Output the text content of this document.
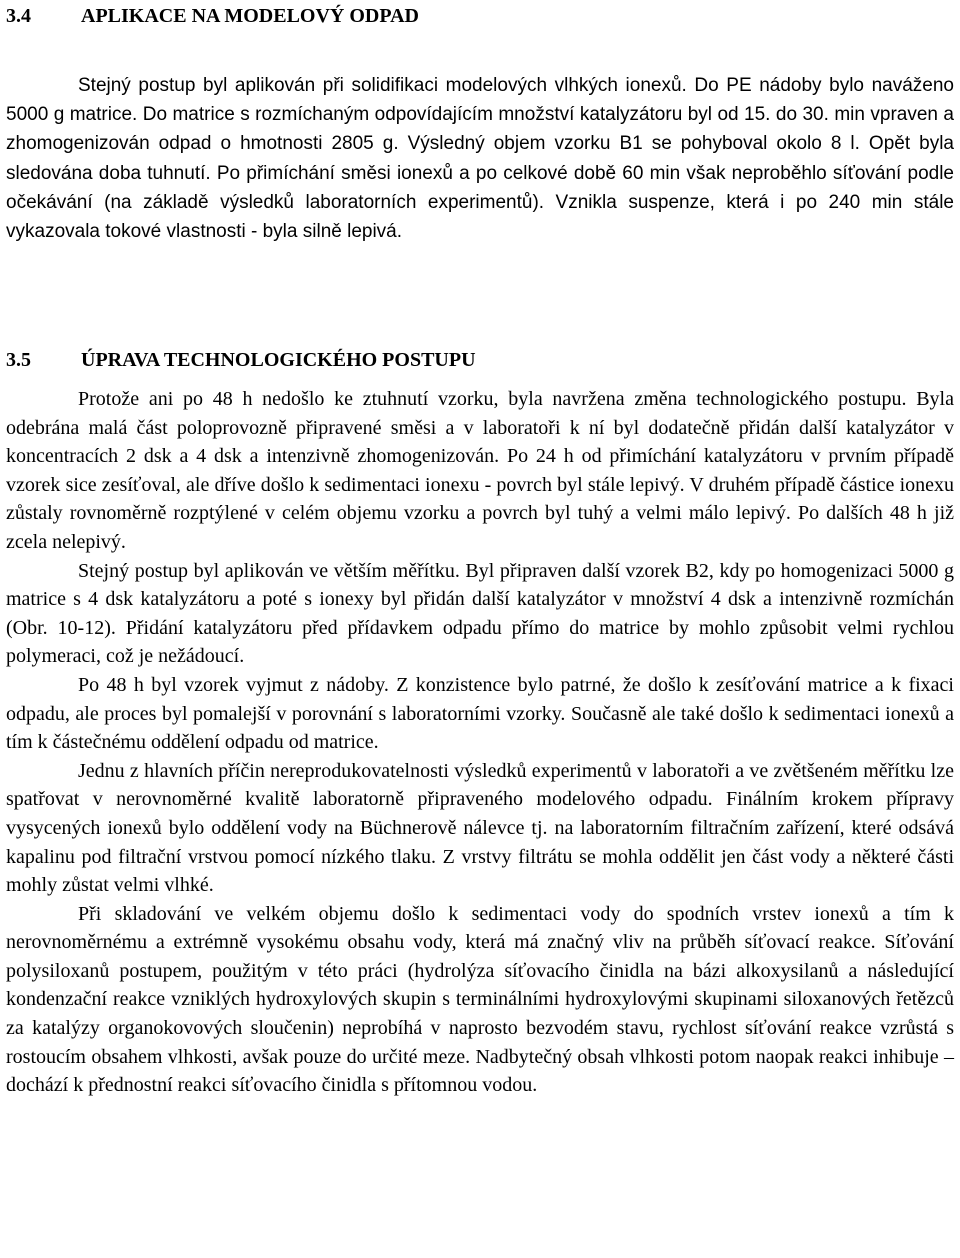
3.4	APLIKACE NA MODELOVÝ ODPAD

Stejný postup byl aplikován při solidifikaci modelových vlhkých ionexů. Do PE nádoby bylo naváženo 5000 g matrice. Do matrice s rozmíchaným odpovídajícím množství katalyzátoru byl od 15. do 30. min vpraven a zhomogenizován odpad o hmotnosti 2805 g. Výsledný objem vzorku B1 se pohyboval okolo 8 l. Opět byla sledována doba tuhnutí. Po přimíchání směsi ionexů a po celkové době 60 min však neproběhlo síťování podle očekávání (na základě výsledků laboratorních experimentů). Vznikla suspenze, která i po 240 min stále vykazovala tokové vlastnosti - byla silně lepivá.

3.5	ÚPRAVA TECHNOLOGICKÉHO POSTUPU

Protože ani po 48 h nedošlo ke ztuhnutí vzorku, byla navržena změna technologického postupu. Byla odebrána malá část poloprovozně připravené směsi a v laboratoři k ní byl dodatečně přidán další katalyzátor v koncentracích 2 dsk a 4 dsk a intenzivně zhomogenizován. Po 24 h od přimíchání katalyzátoru v prvním případě vzorek sice zesíťoval, ale dříve došlo k sedimentaci ionexu - povrch byl stále lepivý. V druhém případě částice ionexu zůstaly rovnoměrně rozptýlené v celém objemu vzorku a povrch byl tuhý a velmi málo lepivý. Po dalších 48 h již zcela nelepivý.

Stejný postup byl aplikován ve větším měřítku. Byl připraven další vzorek B2, kdy po homogenizaci 5000 g matrice s 4 dsk katalyzátoru a poté s ionexy byl přidán další katalyzátor v množství 4 dsk a intenzivně rozmíchán (Obr. 10-12). Přidání katalyzátoru před přídavkem odpadu přímo do matrice by mohlo způsobit velmi rychlou polymeraci, což je nežádoucí.

Po 48 h byl vzorek vyjmut z nádoby. Z konzistence bylo patrné, že došlo k zesíťování matrice a k fixaci odpadu, ale proces byl pomalejší v porovnání s laboratorními vzorky. Současně ale také došlo k sedimentaci ionexů a tím k částečnému oddělení odpadu od matrice.

Jednu z hlavních příčin nereprodukovatelnosti výsledků experimentů v laboratoři a ve zvětšeném měřítku lze spatřovat v nerovnoměrné kvalitě laboratorně připraveného modelového odpadu. Finálním krokem přípravy vysycených ionexů bylo oddělení vody na Büchnerově nálevce tj. na laboratorním filtračním zařízení, které odsává kapalinu pod filtrační vrstvou pomocí nízkého tlaku. Z vrstvy filtrátu se mohla oddělit jen část vody a některé části mohly zůstat velmi vlhké.

Při skladování ve velkém objemu došlo k sedimentaci vody do spodních vrstev ionexů a tím k nerovnoměrnému a extrémně vysokému obsahu vody, která má značný vliv na průběh síťovací reakce. Síťování polysiloxanů postupem, použitým v této práci (hydrolýza síťovacího činidla na bázi alkoxysilanů a následující kondenzační reakce vzniklých hydroxylových skupin s terminálními hydroxylovými skupinami siloxanových řetězců za katalýzy organokovových sloučenin) neprobíhá v naprosto bezvodém stavu, rychlost síťování reakce vzrůstá s rostoucím obsahem vlhkosti, avšak pouze do určité meze. Nadbytečný obsah vlhkosti potom naopak reakci inhibuje – dochází k přednostní reakci síťovacího činidla s přítomnou vodou.
